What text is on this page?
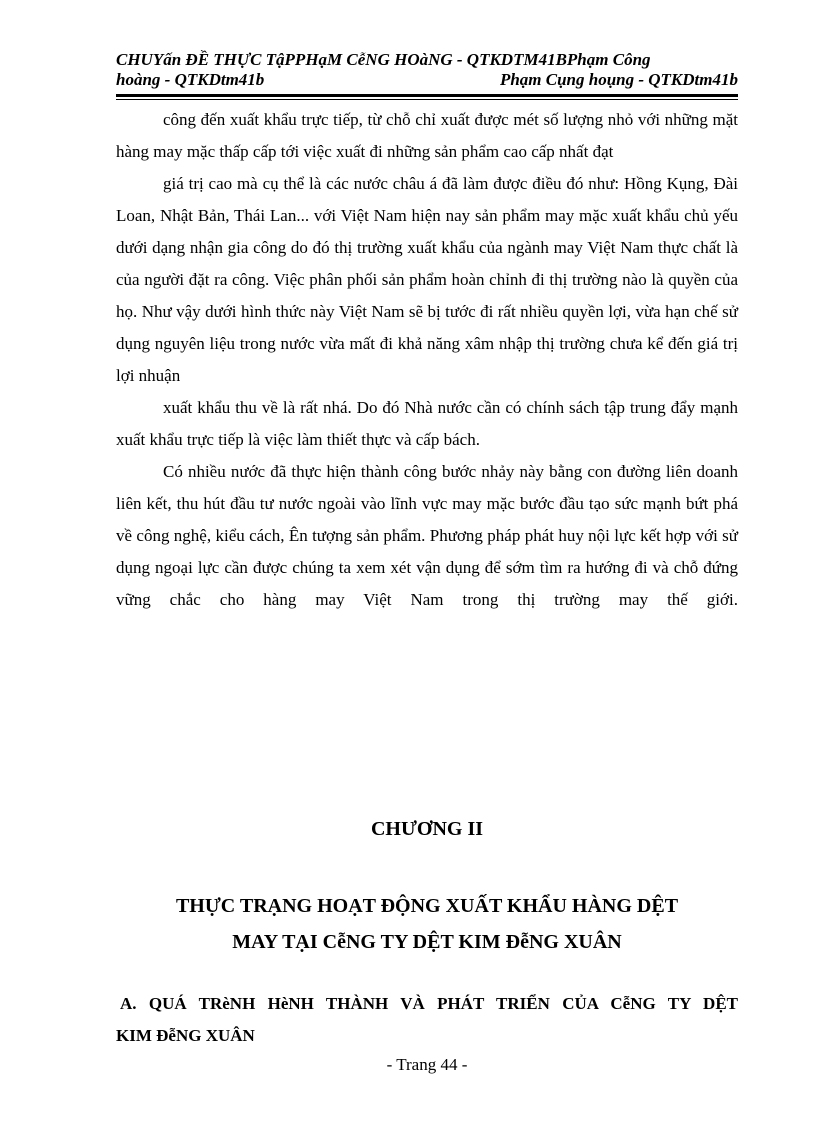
CHUYấn ĐỀ THỰC TậPPHạM CễNG HOàNG - QTKDTM41BPhạm Công
hoàng - QTKDtm41b	Phạm Cụng hoụng - QTKDtm41b

công đến xuất khẩu trực tiếp, từ chỗ chỉ xuất được mét số lượng nhỏ với những mặt hàng may mặc thấp cấp tới việc xuất đi những sản phẩm cao cấp nhất đạt

giá trị cao mà cụ thể là các nước châu á đã làm được điều đó như: Hồng Kụng, Đài Loan, Nhật Bản, Thái Lan... với Việt Nam hiện nay sản phẩm may mặc xuất khẩu chủ yếu dưới dạng nhận gia công do đó thị trường xuất khẩu của ngành may Việt Nam thực chất là của người đặt ra công. Việc phân phối sản phẩm hoàn chỉnh đi thị trường nào là quyền của họ. Như vậy dưới hình thức này Việt Nam sẽ bị tước đi rất nhiều quyền lợi, vừa hạn chế sử dụng nguyên liệu trong nước vừa mất đi khả năng xâm nhập thị trường chưa kể đến giá trị lợi nhuận

xuất khẩu thu về là rất nhá. Do đó Nhà nước cần có chính sách tập trung đẩy mạnh xuất khẩu trực tiếp là việc làm thiết thực và cấp bách.

Có nhiều nước đã thực hiện thành công bước nhảy này bằng con đường liên doanh liên kết, thu hút đầu tư nước ngoài vào lĩnh vực may mặc bước đầu tạo sức mạnh bứt phá về công nghệ, kiểu cách, Ên tượng sản phẩm. Phương pháp phát huy nội lực kết hợp với sử dụng ngoại lực cần được chúng ta xem xét vận dụng để sớm tìm ra hướng đi và chỗ đứng vững chắc cho hàng may Việt Nam trong thị trường may thế giới.

CHƯƠNG II
THỰC TRẠNG HOẠT ĐỘNG XUẤT KHẨU HÀNG DỆT
MAY TẠI CễNG TY DỆT KIM ĐễNG XUÂN
A. QUÁ TRèNH HèNH THÀNH VÀ PHÁT TRIỂN CỦA CễNG TY DỆT
KIM ĐễNG XUÂN
- Trang 44 -
